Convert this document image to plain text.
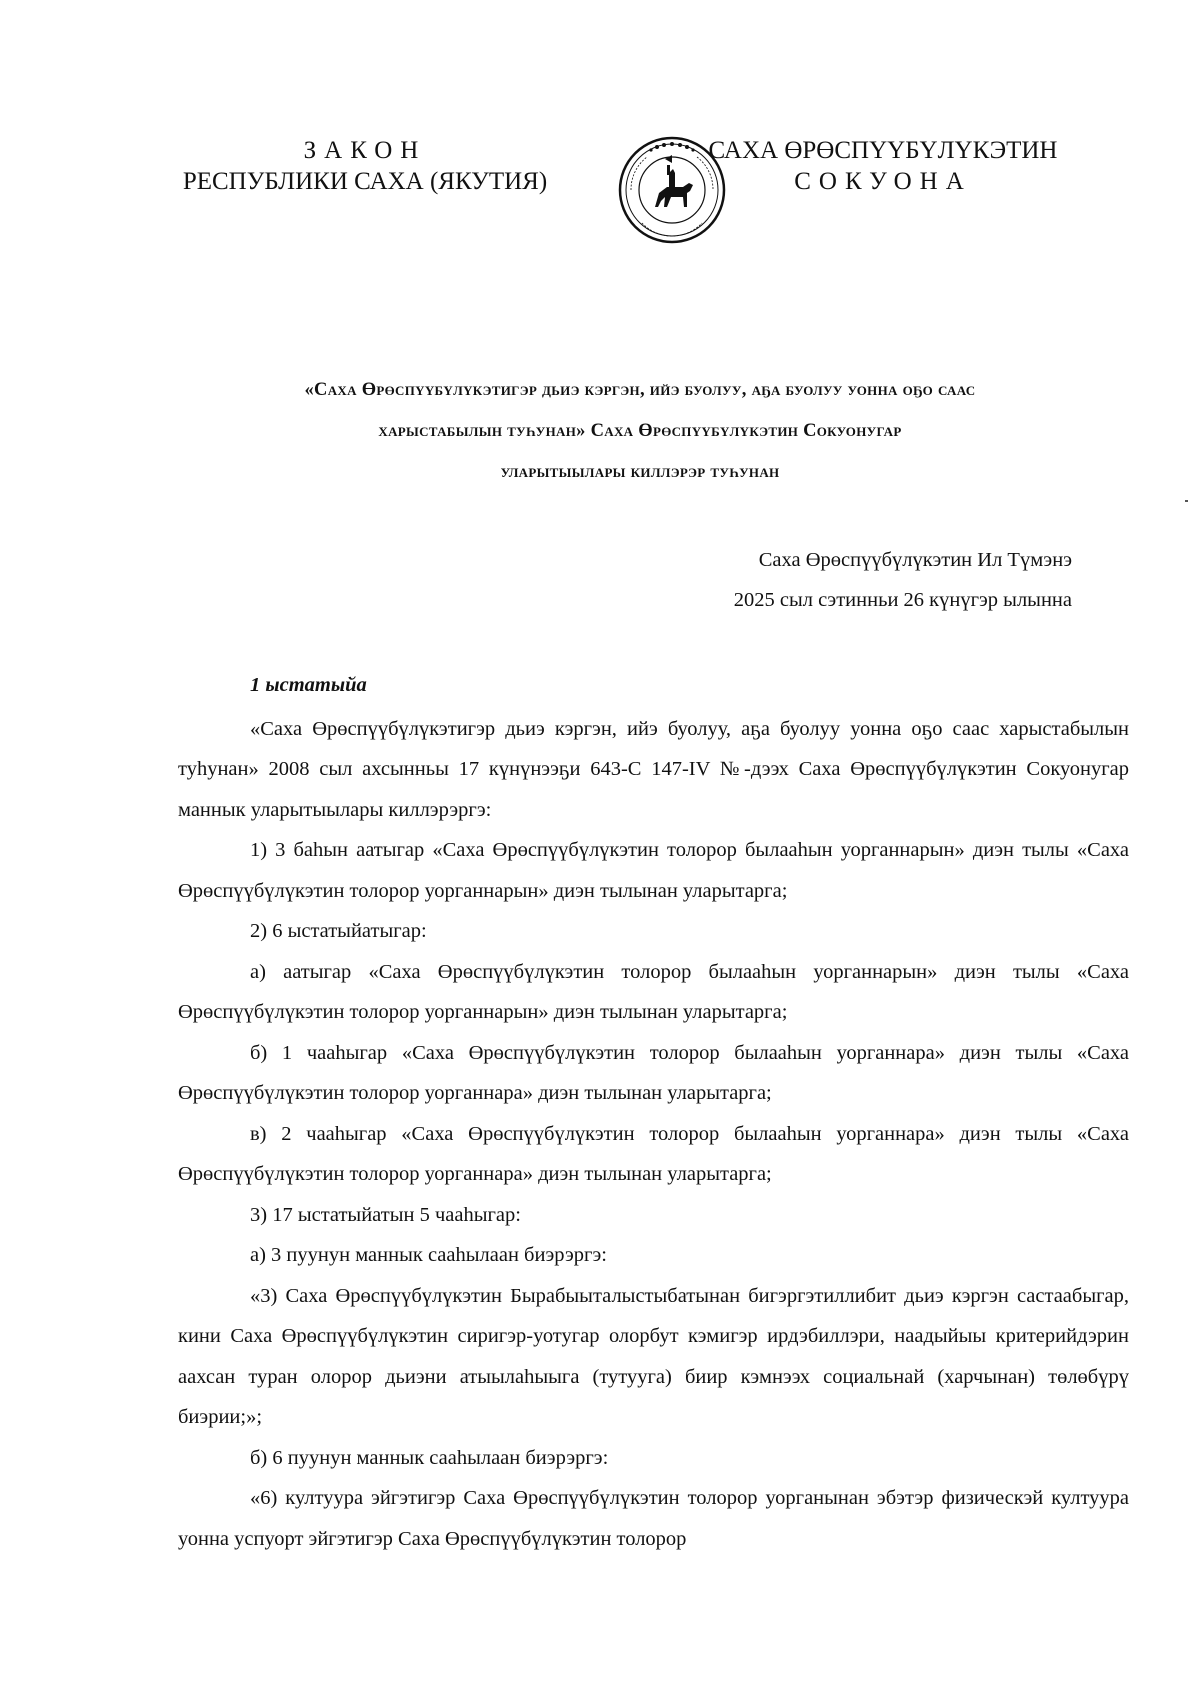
ЗАКОН
РЕСПУБЛИКИ САХА (ЯКУТИЯ)
САХА ӨРӨСПҮҮБҮЛҮКЭТИН
СОКУОНА
«Саха Өрөспүүбүлүкэтигэр дьиэ кэргэн, ийэ буолуу, аҕа буолуу уонна оҕо саас
харыстабылын туһунан» Саха Өрөспүүбүлүкэтин Сокуонугар
уларытыылары киллэрэр туһунан
Саха Өрөспүүбүлүкэтин Ил Түмэнэ
2025 сыл сэтинньи 26 күнүгэр ылынна

1 ыстатыйа

«Саха Өрөспүүбүлүкэтигэр дьиэ кэргэн, ийэ буолуу, аҕа буолуу уонна оҕо саас харыстабылын туһунан» 2008 сыл ахсынньы 17 күнүнээҕи 643-С 147-IV №-дээх Саха Өрөспүүбүлүкэтин Сокуонугар маннык уларытыылары киллэрэргэ:

1) 3 баһын аатыгар «Саха Өрөспүүбүлүкэтин толорор былааһын уорганнарын» диэн тылы «Саха Өрөспүүбүлүкэтин толорор уорганнарын» диэн тылынан уларытарга;

2) 6 ыстатыйатыгар:

а) аатыгар «Саха Өрөспүүбүлүкэтин толорор былааһын уорганнарын» диэн тылы «Саха Өрөспүүбүлүкэтин толорор уорганнарын» диэн тылынан уларытарга;

б) 1 чааһыгар «Саха Өрөспүүбүлүкэтин толорор былааһын уорганнара» диэн тылы «Саха Өрөспүүбүлүкэтин толорор уорганнара» диэн тылынан уларытарга;

в) 2 чааһыгар «Саха Өрөспүүбүлүкэтин толорор былааһын уорганнара» диэн тылы «Саха Өрөспүүбүлүкэтин толорор уорганнара» диэн тылынан уларытарга;

3) 17 ыстатыйатын 5 чааһыгар:

а) 3 пуунун маннык сааһылаан биэрэргэ:

«3) Саха Өрөспүүбүлүкэтин Бырабыыталыстыбатынан бигэргэтиллибит дьиэ кэргэн састаабыгар, кини Саха Өрөспүүбүлүкэтин сиригэр-уотугар олорбут кэмигэр ирдэбиллэри, наадыйыы критерийдэрин аахсан туран олорор дьиэни атыылаһыыга (тутууга) биир кэмнээх социальнай (харчынан) төлөбүрү биэрии;»;

б) 6 пуунун маннык сааһылаан биэрэргэ:

«6) култуура эйгэтигэр Саха Өрөспүүбүлүкэтин толорор уорганынан эбэтэр физическэй култуура уонна успуорт эйгэтигэр Саха Өрөспүүбүлүкэтин толорор
